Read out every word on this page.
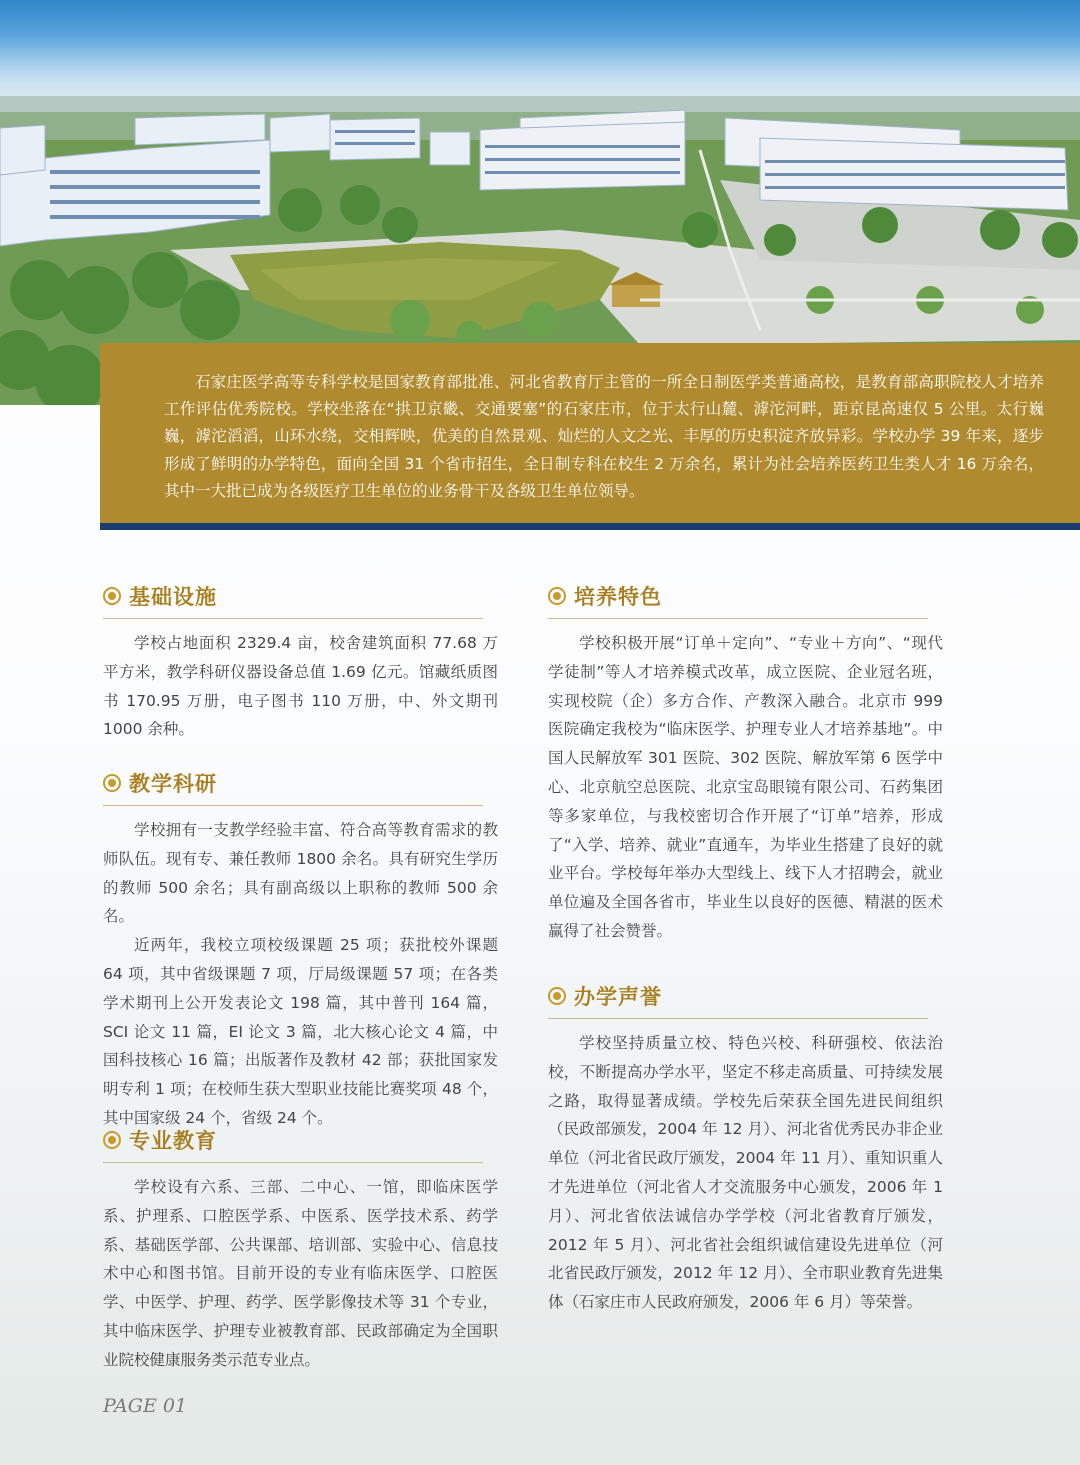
石家庄医学高等专科学校是国家教育部批准、河北省教育厅主管的一所全日制医学类普通高校，是教育部高职院校人才培养工作评估优秀院校。学校坐落在“拱卫京畿、交通要塞”的石家庄市，位于太行山麓、滹沱河畔，距京昆高速仅 5 公里。太行巍巍，滹沱滔滔，山环水绕，交相辉映，优美的自然景观、灿烂的人文之光、丰厚的历史积淀齐放异彩。学校办学 39 年来，逐步形成了鲜明的办学特色，面向全国 31 个省市招生，全日制专科在校生 2 万余名，累计为社会培养医药卫生类人才 16 万余名，其中一大批已成为各级医疗卫生单位的业务骨干及各级卫生单位领导。
基础设施

学校占地面积 2329.4 亩，校舍建筑面积 77.68 万平方米，教学科研仪器设备总值 1.69 亿元。馆藏纸质图书 170.95 万册，电子图书 110 万册，中、外文期刊 1000 余种。

教学科研

学校拥有一支教学经验丰富、符合高等教育需求的教师队伍。现有专、兼任教师 1800 余名。具有研究生学历的教师 500 余名；具有副高级以上职称的教师 500 余名。

近两年，我校立项校级课题 25 项；获批校外课题 64 项，其中省级课题 7 项，厅局级课题 57 项；在各类学术期刊上公开发表论文 198 篇，其中普刊 164 篇，SCI 论文 11 篇，EI 论文 3 篇，北大核心论文 4 篇，中国科技核心 16 篇；出版著作及教材 42 部；获批国家发明专利 1 项；在校师生获大型职业技能比赛奖项 48 个，其中国家级 24 个，省级 24 个。

专业教育

学校设有六系、三部、二中心、一馆，即临床医学系、护理系、口腔医学系、中医系、医学技术系、药学系、基础医学部、公共课部、培训部、实验中心、信息技术中心和图书馆。目前开设的专业有临床医学、口腔医学、中医学、护理、药学、医学影像技术等 31 个专业，其中临床医学、护理专业被教育部、民政部确定为全国职业院校健康服务类示范专业点。

培养特色

学校积极开展“订单＋定向”、“专业＋方向”、“现代学徒制”等人才培养模式改革，成立医院、企业冠名班，实现校院（企）多方合作、产教深入融合。北京市 999 医院确定我校为“临床医学、护理专业人才培养基地”。中国人民解放军 301 医院、302 医院、解放军第 6 医学中心、北京航空总医院、北京宝岛眼镜有限公司、石药集团等多家单位，与我校密切合作开展了“订单”培养，形成了“入学、培养、就业”直通车，为毕业生搭建了良好的就业平台。学校每年举办大型线上、线下人才招聘会，就业单位遍及全国各省市，毕业生以良好的医德、精湛的医术赢得了社会赞誉。

办学声誉

学校坚持质量立校、特色兴校、科研强校、依法治校，不断提高办学水平，坚定不移走高质量、可持续发展之路，取得显著成绩。学校先后荣获全国先进民间组织（民政部颁发，2004 年 12 月）、河北省优秀民办非企业单位（河北省民政厅颁发，2004 年 11 月）、重知识重人才先进单位（河北省人才交流服务中心颁发，2006 年 1 月）、河北省依法诚信办学学校（河北省教育厅颁发，2012 年 5 月）、河北省社会组织诚信建设先进单位（河北省民政厅颁发，2012 年 12 月）、全市职业教育先进集体（石家庄市人民政府颁发，2006 年 6 月）等荣誉。

PAGE 01
